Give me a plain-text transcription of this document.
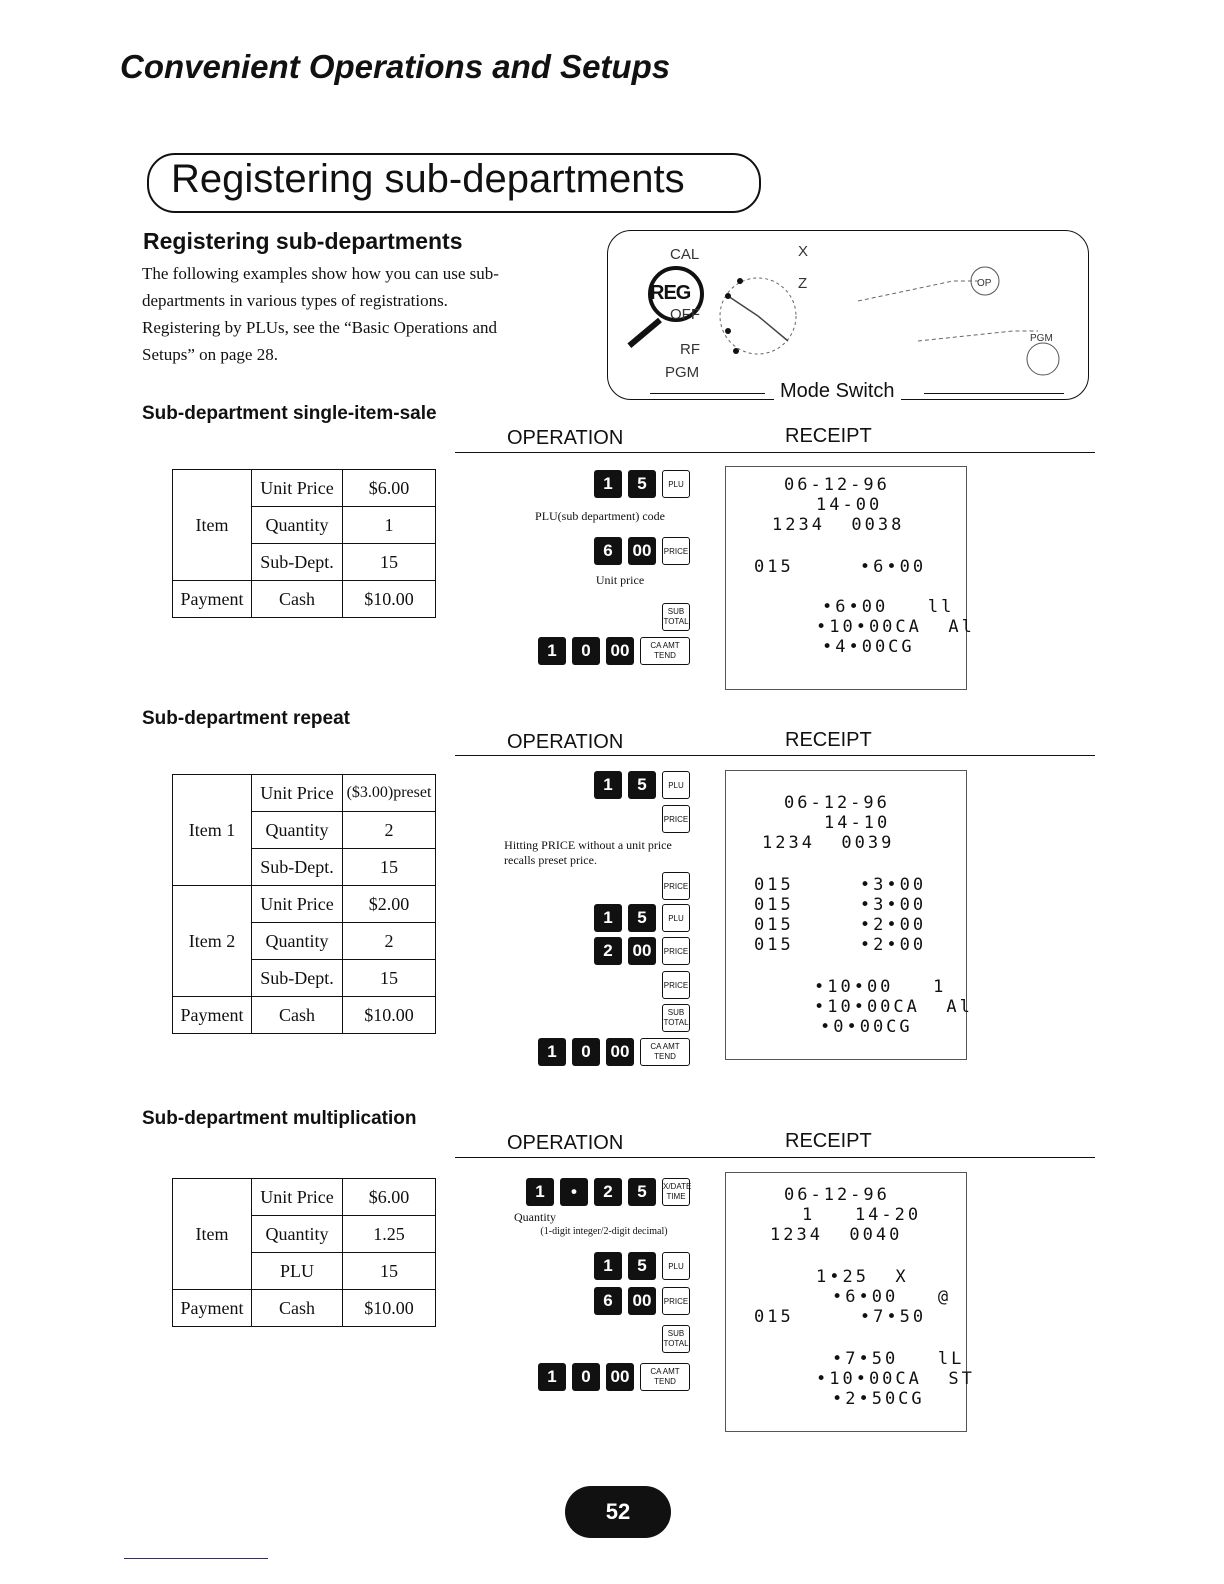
Convenient Operations and Setups
Registering sub-departments
Registering sub-departments
The following examples show how you can use sub-
departments in various types of registrations.
Registering by PLUs, see the “Basic Operations and
Setups” on page 28.
CAL
REG
OFF
RF
PGM
X
Z	OP
PGM
Mode Switch
Sub-department single-item-sale
OPERATION	RECEIPT
	Unit Price	$6.00
Item	Quantity	1
	Sub-Dept.	15
Payment	Cash	$10.00
1	5	PLU
PLU(sub department) code
6	00	PRICE
Unit price
SUB TOTAL
1	0	00	CA AMT TEND
06-12-96
14-00
1234  0038
015     •6•00
•6•00   ll
•10•00CA  Al
•4•00CG
Sub-department repeat
OPERATION	RECEIPT
	Unit Price	($3.00)preset
Item 1	Quantity	2
	Sub-Dept.	15
	Unit Price	$2.00
Item 2	Quantity	2
	Sub-Dept.	15
Payment	Cash	$10.00
1	5	PLU
PRICE
Hitting PRICE without a unit price
recalls preset price.
PRICE
1	5	PLU
2	00	PRICE
PRICE
SUB TOTAL
1	0	00	CA AMT TEND
06-12-96
14-10
1234  0039
015     •3•00
015     •3•00
015     •2•00
015     •2•00
•10•00   1
•10•00CA  Al
•0•00CG
Sub-department multiplication
OPERATION	RECEIPT
	Unit Price	$6.00
Item	Quantity	1.25
	PLU	15
Payment	Cash	$10.00
1	•	2	5	X/DATE TIME
Quantity
(1-digit integer/2-digit decimal)
1	5	PLU
6	00	PRICE
SUB TOTAL
1	0	00	CA AMT TEND
06-12-96
1   14-20
1234  0040
1•25  X
•6•00   @
015     •7•50
•7•50   lL
•10•00CA  ST
•2•50CG
52
